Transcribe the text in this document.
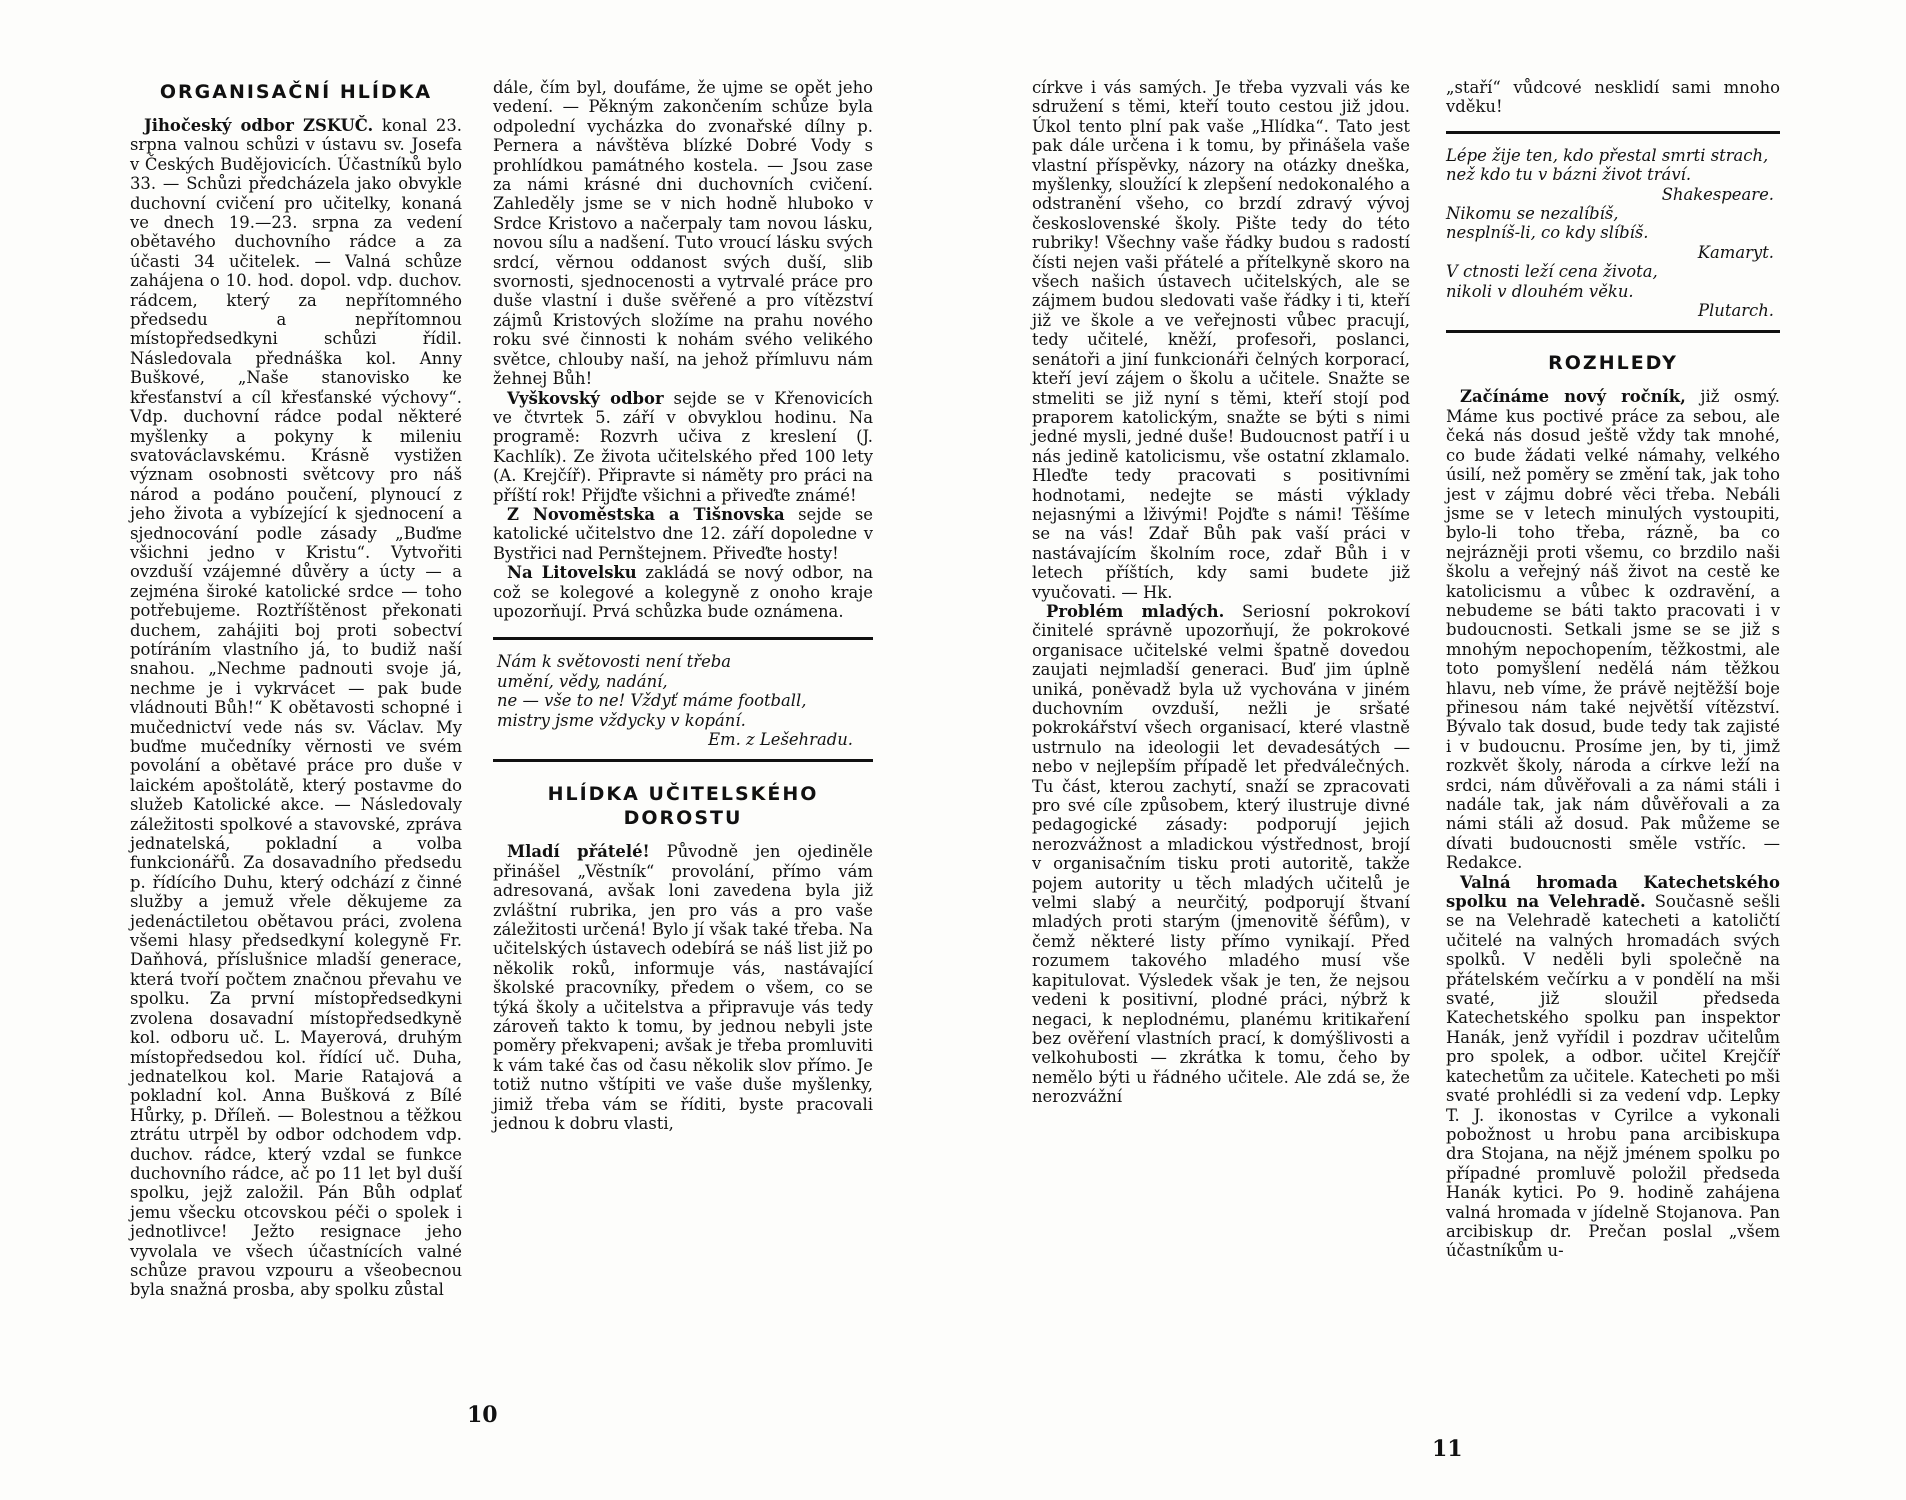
ORGANISAČNÍ HLÍDKA

Jihočeský odbor ZSKUČ. konal 23. srpna valnou schůzi v ústavu sv. Josefa v Českých Budějovicích. Účastníků bylo 33. — Schůzi předcházela jako obvykle duchovní cvičení pro učitelky, konaná ve dnech 19.—23. srpna za vedení obětavého duchovního rádce a za účasti 34 učitelek. — Valná schůze zahájena o 10. hod. dopol. vdp. duchov. rádcem, který za nepřítomného předsedu a nepřítomnou místopředsedkyni schůzi řídil. Následovala přednáška kol. Anny Buškové, „Naše stanovisko ke křesťanství a cíl křesťanské výchovy“. Vdp. duchovní rádce podal některé myšlenky a pokyny k mileniu svatováclavskému. Krásně vystižen význam osobnosti světcovy pro náš národ a podáno poučení, plynoucí z jeho života a vybízející k sjednocení a sjednocování podle zásady „Buďme všichni jedno v Kristu“. Vytvořiti ovzduší vzájemné důvěry a úcty — a zejména široké katolické srdce — toho potřebujeme. Roztříštěnost překonati duchem, zahájiti boj proti sobectví potíráním vlastního já, to budiž naší snahou. „Nechme padnouti svoje já, nechme je i vykrvácet — pak bude vládnouti Bůh!“ K obětavosti schopné i mučednictví vede nás sv. Václav. My buďme mučedníky věrnosti ve svém povolání a obětavé práce pro duše v laickém apoštolátě, který postavme do služeb Katolické akce. — Následovaly záležitosti spolkové a stavovské, zpráva jednatelská, pokladní a volba funkcionářů. Za dosavadního předsedu p. řídícího Duhu, který odchází z činné služby a jemuž vřele děkujeme za jedenáctiletou obětavou práci, zvolena všemi hlasy předsedkyní kolegyně Fr. Daňhová, příslušnice mladší generace, která tvoří počtem značnou převahu ve spolku. Za první místopředsedkyni zvolena dosavadní místopředsedkyně kol. odboru uč. L. Mayerová, druhým místopředsedou kol. řídící uč. Duha, jednatelkou kol. Marie Ratajová a pokladní kol. Anna Bušková z Bílé Hůrky, p. Dříleň. — Bolestnou a těžkou ztrátu utrpěl by odbor odchodem vdp. duchov. rádce, který vzdal se funkce duchovního rádce, ač po 11 let byl duší spolku, jejž založil. Pán Bůh odplať jemu všecku otcovskou péči o spolek i jednotlivce! Ježto resignace jeho vyvolala ve všech účastnících valné schůze pravou vzpouru a všeobecnou byla snažná prosba, aby spolku zůstal

dále, čím byl, doufáme, že ujme se opět jeho vedení. — Pěkným zakončením schůze byla odpolední vycházka do zvonařské dílny p. Pernera a návštěva blízké Dobré Vody s prohlídkou památného kostela. — Jsou zase za námi krásné dni duchovních cvičení. Zahleděly jsme se v nich hodně hluboko v Srdce Kristovo a načerpaly tam novou lásku, novou sílu a nadšení. Tuto vroucí lásku svých srdcí, věrnou oddanost svých duší, slib svornosti, sjednocenosti a vytrvalé práce pro duše vlastní i duše svěřené a pro vítězství zájmů Kristových složíme na prahu nového roku své činnosti k nohám svého velikého světce, chlouby naší, na jehož přímluvu nám žehnej Bůh!

Vyškovský odbor sejde se v Křenovicích ve čtvrtek 5. září v obvyklou hodinu. Na programě: Rozvrh učiva z kreslení (J. Kachlík). Ze života učitelského před 100 lety (A. Krejčíř). Připravte si náměty pro práci na příští rok! Přijďte všichni a přiveďte známé!

Z Novoměstska a Tišnovska sejde se katolické učitelstvo dne 12. září dopoledne v Bystřici nad Pernštejnem. Přiveďte hosty!

Na Litovelsku zakládá se nový odbor, na což se kolegové a kolegyně z onoho kraje upozorňují. Prvá schůzka bude oznámena.

Nám k světovosti není třeba
umění, vědy, nadání,
ne — vše to ne! Vždyť máme football,
mistry jsme vždycky v kopání.
Em. z Lešehradu.
HLÍDKA UČITELSKÉHO
DOROSTU

Mladí přátelé! Původně jen ojediněle přinášel „Věstník“ provolání, přímo vám adresovaná, avšak loni zavedena byla již zvláštní rubrika, jen pro vás a pro vaše záležitosti určená! Bylo jí však také třeba. Na učitelských ústavech odebírá se náš list již po několik roků, informuje vás, nastávající školské pracovníky, předem o všem, co se týká školy a učitelstva a připravuje vás tedy zároveň takto k tomu, by jednou nebyli jste poměry překvapeni; avšak je třeba promluviti k vám také čas od času několik slov přímo. Je totiž nutno vštípiti ve vaše duše myšlenky, jimiž třeba vám se říditi, byste pracovali jednou k dobru vlasti,

10

církve i vás samých. Je třeba vyzvali vás ke sdružení s těmi, kteří touto cestou již jdou. Úkol tento plní pak vaše „Hlídka“. Tato jest pak dále určena i k tomu, by přinášela vaše vlastní příspěvky, názory na otázky dneška, myšlenky, sloužící k zlepšení nedokonalého a odstranění všeho, co brzdí zdravý vývoj československé školy. Pište tedy do této rubriky! Všechny vaše řádky budou s radostí čísti nejen vaši přátelé a přítelkyně skoro na všech našich ústavech učitelských, ale se zájmem budou sledovati vaše řádky i ti, kteří již ve škole a ve veřejnosti vůbec pracují, tedy učitelé, kněží, profesoři, poslanci, senátoři a jiní funkcionáři čelných korporací, kteří jeví zájem o školu a učitele. Snažte se stmeliti se již nyní s těmi, kteří stojí pod praporem katolickým, snažte se býti s nimi jedné mysli, jedné duše! Budoucnost patří i u nás jedině katolicismu, vše ostatní zklamalo. Hleďte tedy pracovati s positivními hodnotami, nedejte se másti výklady nejasnými a lživými! Pojďte s námi! Těšíme se na vás! Zdař Bůh pak vaší práci v nastávajícím školním roce, zdař Bůh i v letech příštích, kdy sami budete již vyučovati. — Hk.

Problém mladých. Seriosní pokrokoví činitelé správně upozorňují, že pokrokové organisace učitelské velmi špatně dovedou zaujati nejmladší generaci. Buď jim úplně uniká, poněvadž byla už vychována v jiném duchovním ovzduší, nežli je sršaté pokrokářství všech organisací, které vlastně ustrnulo na ideologii let devadesátých — nebo v nejlepším případě let předválečných. Tu část, kterou zachytí, snaží se zpracovati pro své cíle způsobem, který ilustruje divné pedagogické zásady: podporují jejich nerozvážnost a mladickou výstřednost, brojí v organisačním tisku proti autoritě, takže pojem autority u těch mladých učitelů je velmi slabý a neurčitý, podporují štvaní mladých proti starým (jmenovitě šéfům), v čemž některé listy přímo vynikají. Před rozumem takového mladého musí vše kapitulovat. Výsledek však je ten, že nejsou vedeni k positivní, plodné práci, nýbrž k negaci, k neplodnému, planému kritikaření bez ověření vlastních prací, k domýšlivosti a velkohubosti — zkrátka k tomu, čeho by nemělo býti u řádného učitele. Ale zdá se, že nerozvážní

„staří“ vůdcové nesklidí sami mnoho vděku!

Lépe žije ten, kdo přestal smrti strach,
než kdo tu v bázni život tráví.
Shakespeare.
Nikomu se nezalíbíš,
nesplníš-li, co kdy slíbíš.
Kamaryt.
V ctnosti leží cena života,
nikoli v dlouhém věku.
Plutarch.
ROZHLEDY

Začínáme nový ročník, již osmý. Máme kus poctivé práce za sebou, ale čeká nás dosud ještě vždy tak mnohé, co bude žádati velké námahy, velkého úsilí, než poměry se změní tak, jak toho jest v zájmu dobré věci třeba. Nebáli jsme se v letech minulých vystoupiti, bylo-li toho třeba, rázně, ba co nejrázněji proti všemu, co brzdilo naši školu a veřejný náš život na cestě ke katolicismu a vůbec k ozdravění, a nebudeme se báti takto pracovati i v budoucnosti. Setkali jsme se se již s mnohým nepochopením, těžkostmi, ale toto pomyšlení nedělá nám těžkou hlavu, neb víme, že právě nejtěžší boje přinesou nám také největší vítězství. Bývalo tak dosud, bude tedy tak zajisté i v budoucnu. Prosíme jen, by ti, jimž rozkvět školy, národa a církve leží na srdci, nám důvěřovali a za námi stáli i nadále tak, jak nám důvěřovali a za námi stáli až dosud. Pak můžeme se dívati budoucnosti směle vstříc. — Redakce.

Valná hromada Katechetského spolku na Velehradě. Současně sešli se na Velehradě katecheti a katoličtí učitelé na valných hromadách svých spolků. V neděli byli společně na přátelském večírku a v pondělí na mši svaté, již sloužil předseda Katechetského spolku pan inspektor Hanák, jenž vyřídil i pozdrav učitelům pro spolek, a odbor. učitel Krejčíř katechetům za učitele. Katecheti po mši svaté prohlédli si za vedení vdp. Lepky T. J. ikonostas v Cyrilce a vykonali pobožnost u hrobu pana arcibiskupa dra Stojana, na nějž jménem spolku po případné promluvě položil předseda Hanák kytici. Po 9. hodině zahájena valná hromada v jídelně Stojanova. Pan arcibiskup dr. Prečan poslal „všem účastníkům u-

11
